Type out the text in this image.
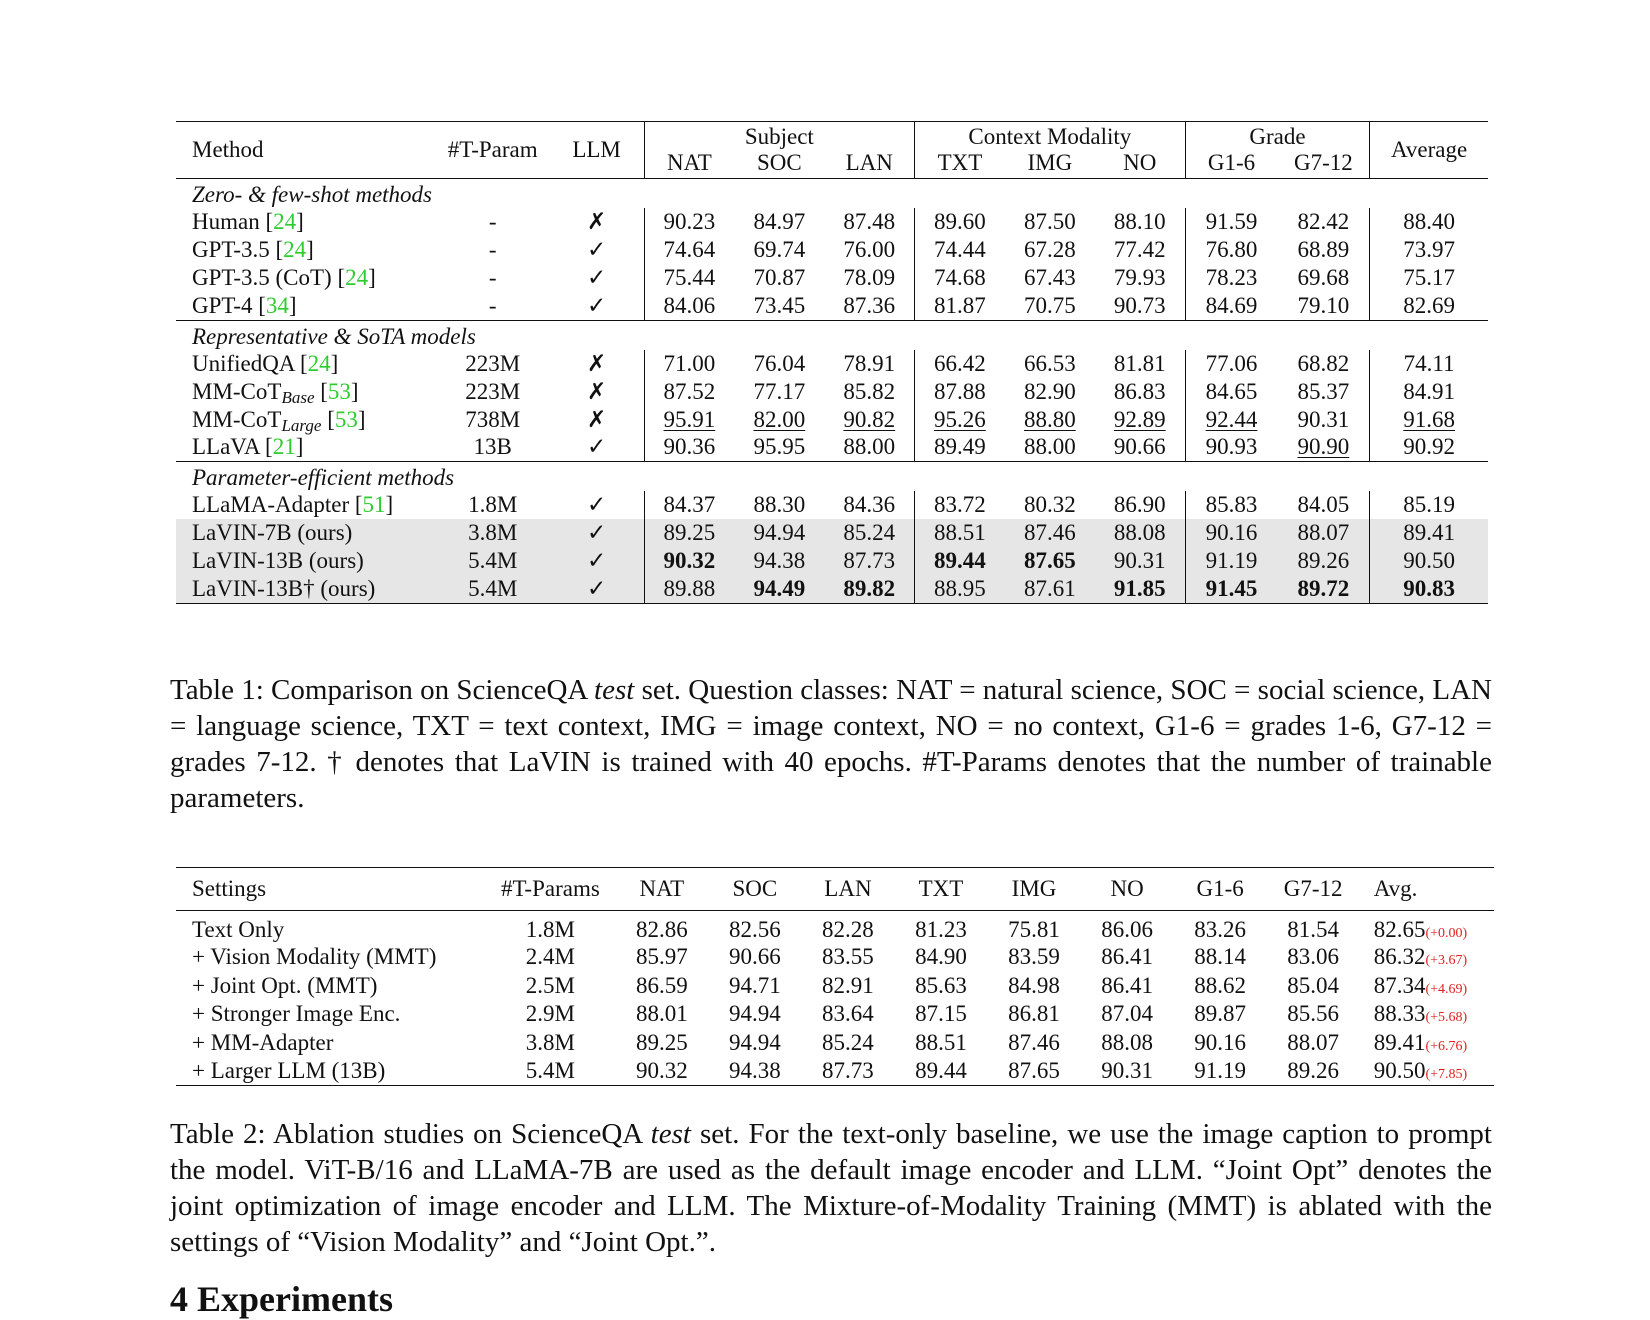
Method	#T-Param	LLM	Subject			Context Modality			Grade		Average
			NAT	SOC	LAN	TXT	IMG	NO	G1-6	G7-12	
Zero- & few-shot methods											
Human [24]	-	✗	90.23	84.97	87.48	89.60	87.50	88.10	91.59	82.42	88.40
GPT-3.5 [24]	-	✓	74.64	69.74	76.00	74.44	67.28	77.42	76.80	68.89	73.97
GPT-3.5 (CoT) [24]	-	✓	75.44	70.87	78.09	74.68	67.43	79.93	78.23	69.68	75.17
GPT-4 [34]	-	✓	84.06	73.45	87.36	81.87	70.75	90.73	84.69	79.10	82.69
Representative & SoTA models											
UnifiedQA [24]	223M	✗	71.00	76.04	78.91	66.42	66.53	81.81	77.06	68.82	74.11
MM-CoT$_{Base}$ [53]	223M	✗	87.52	77.17	85.82	87.88	82.90	86.83	84.65	85.37	84.91
MM-CoT$_{Large}$ [53]	738M	✗	95.91	82.00	90.82	95.26	88.80	92.89	92.44	90.31	91.68
LLaVA [21]	13B	✓	90.36	95.95	88.00	89.49	88.00	90.66	90.93	90.90	90.92
Parameter-efficient methods											
LLaMA-Adapter [51]	1.8M	✓	84.37	88.30	84.36	83.72	80.32	86.90	85.83	84.05	85.19
LaVIN-7B (ours)	3.8M	✓	89.25	94.94	85.24	88.51	87.46	88.08	90.16	88.07	89.41
LaVIN-13B (ours)	5.4M	✓	90.32	94.38	87.73	89.44	87.65	90.31	91.19	89.26	90.50
LaVIN-13B† (ours)	5.4M	✓	89.88	94.49	89.82	88.95	87.61	91.85	91.45	89.72	90.83

Table 1: Comparison on ScienceQA test set. Question classes: NAT = natural science, SOC = social science, LAN = language science, TXT = text context, IMG = image context, NO = no context, G1-6 = grades 1-6, G7-12 = grades 7-12. † denotes that LaVIN is trained with 40 epochs. #T-Params denotes that the number of trainable parameters.

Settings	#T-Params	NAT	SOC	LAN	TXT	IMG	NO	G1-6	G7-12	Avg.
Text Only	1.8M	82.86	82.56	82.28	81.23	75.81	86.06	83.26	81.54	82.65(+0.00)
+ Vision Modality (MMT)	2.4M	85.97	90.66	83.55	84.90	83.59	86.41	88.14	83.06	86.32(+3.67)
+ Joint Opt. (MMT)	2.5M	86.59	94.71	82.91	85.63	84.98	86.41	88.62	85.04	87.34(+4.69)
+ Stronger Image Enc.	2.9M	88.01	94.94	83.64	87.15	86.81	87.04	89.87	85.56	88.33(+5.68)
+ MM-Adapter	3.8M	89.25	94.94	85.24	88.51	87.46	88.08	90.16	88.07	89.41(+6.76)
+ Larger LLM (13B)	5.4M	90.32	94.38	87.73	89.44	87.65	90.31	91.19	89.26	90.50(+7.85)

Table 2: Ablation studies on ScienceQA test set. For the text-only baseline, we use the image caption to prompt the model. ViT-B/16 and LLaMA-7B are used as the default image encoder and LLM. “Joint Opt” denotes the joint optimization of image encoder and LLM. The Mixture-of-Modality Training (MMT) is ablated with the settings of “Vision Modality” and “Joint Opt.”.

4 Experiments
